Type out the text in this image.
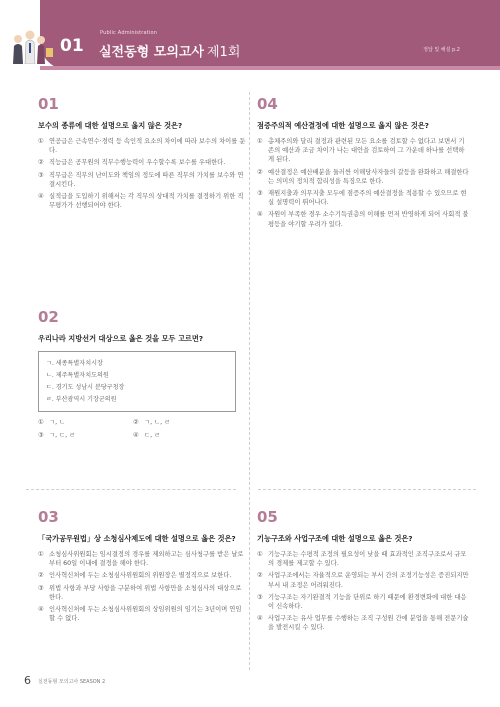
01
Public Administration
실전동형 모의고사 제1회	정답 및 해설 p.2
01
보수의 종류에 대한 설명으로 옳지 않은 것은?
① 연공급은 근속연수·경력 등 속인적 요소의 차이에 따라 보수의 차이를 둔다.
② 직능급은 공무원의 직무수행능력이 우수할수록 보수를 우대한다.
③ 직무급은 직무의 난이도와 책임의 정도에 따른 직무의 가치를 보수와 연결시킨다.
④ 실적급을 도입하기 위해서는 각 직무의 상대적 가치를 결정하기 위한 직무평가가 선행되어야 한다.
02
우리나라 지방선거 대상으로 옳은 것을 모두 고르면?
ㄱ. 세종특별자치시장
ㄴ. 제주특별자치도의원
ㄷ. 경기도 성남시 분당구청장
ㄹ. 부산광역시 기장군의원
① ㄱ, ㄴ	② ㄱ, ㄴ, ㄹ
③ ㄱ, ㄷ, ㄹ	④ ㄷ, ㄹ
03
「국가공무원법」상 소청심사제도에 대한 설명으로 옳은 것은?
① 소청심사위원회는 임시결정의 경우를 제외하고는 심사청구를 받은 날로부터 60일 이내에 결정을 해야 한다.
② 인사혁신처에 두는 소청심사위원회의 위원장은 별정직으로 보한다.
③ 위법 사항과 부당 사항을 구분하여 위법 사항만을 소청심사의 대상으로 한다.
④ 인사혁신처에 두는 소청심사위원회의 상임위원의 임기는 3년이며 연임할 수 없다.
04
점증주의적 예산결정에 대한 설명으로 옳지 않은 것은?
① 총체주의와 달리 결정과 관련된 모든 요소를 검토할 수 없다고 보면서 기존의 예산과 조금 차이가 나는 대안을 검토하여 그 가운데 하나를 선택하게 된다.
② 예산결정은 예산배분을 둘러싼 이해당사자들의 갈등을 완화하고 해결한다는 의미의 정치적 합리성을 특징으로 한다.
③ 재원지출과 의무지출 모두에 점증주의 예산결정을 적용할 수 있으므로 현실 설명력이 뛰어나다.
④ 자원이 부족한 경우 소수기득권층의 이해를 먼저 반영하게 되어 사회적 불평등을 야기할 우려가 있다.
05
기능구조와 사업구조에 대한 설명으로 옳은 것은?
① 기능구조는 수평적 조정의 필요성이 낮을 때 효과적인 조직구조로서 규모의 경제를 제고할 수 있다.
② 사업구조에서는 자율적으로 운영되는 부서 간의 조정기능성은 증진되지만 부서 내 조정은 어려워진다.
③ 기능구조는 자기완결적 기능을 단위로 하기 때문에 환경변화에 대한 대응이 신속하다.
④ 사업구조는 유사 업무를 수행하는 조직 구성원 간에 분업을 통해 전문기술을 발전시킬 수 있다.
6 실전동형 모의고사 SEASON 2
